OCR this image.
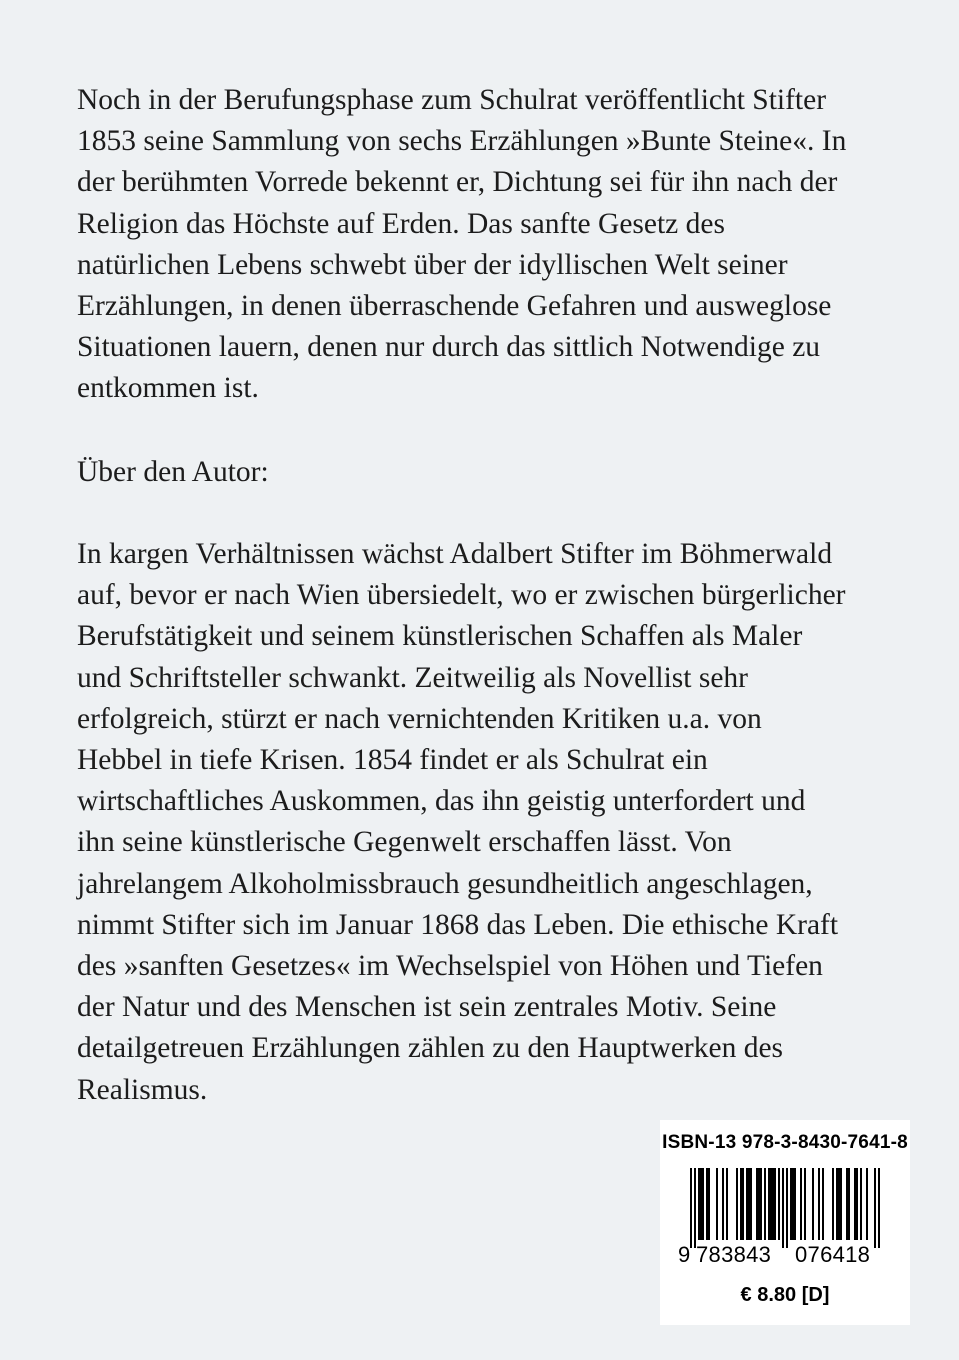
Noch in der Berufungsphase zum Schulrat veröffentlicht Stifter
1853 seine Sammlung von sechs Erzählungen »Bunte Steine«. In
der berühmten Vorrede bekennt er, Dichtung sei für ihn nach der
Religion das Höchste auf Erden. Das sanfte Gesetz des
natürlichen Lebens schwebt über der idyllischen Welt seiner
Erzählungen, in denen überraschende Gefahren und ausweglose
Situationen lauern, denen nur durch das sittlich Notwendige zu
entkommen ist.
Über den Autor:
In kargen Verhältnissen wächst Adalbert Stifter im Böhmerwald
auf, bevor er nach Wien übersiedelt, wo er zwischen bürgerlicher
Berufstätigkeit und seinem künstlerischen Schaffen als Maler
und Schriftsteller schwankt. Zeitweilig als Novellist sehr
erfolgreich, stürzt er nach vernichtenden Kritiken u.a. von
Hebbel in tiefe Krisen. 1854 findet er als Schulrat ein
wirtschaftliches Auskommen, das ihn geistig unterfordert und
ihn seine künstlerische Gegenwelt erschaffen lässt. Von
jahrelangem Alkoholmissbrauch gesundheitlich angeschlagen,
nimmt Stifter sich im Januar 1868 das Leben. Die ethische Kraft
des »sanften Gesetzes« im Wechselspiel von Höhen und Tiefen
der Natur und des Menschen ist sein zentrales Motiv. Seine
detailgetreuen Erzählungen zählen zu den Hauptwerken des
Realismus.
ISBN-13 978-3-8430-7641-8
9 783843 076418
€ 8.80 [D]
